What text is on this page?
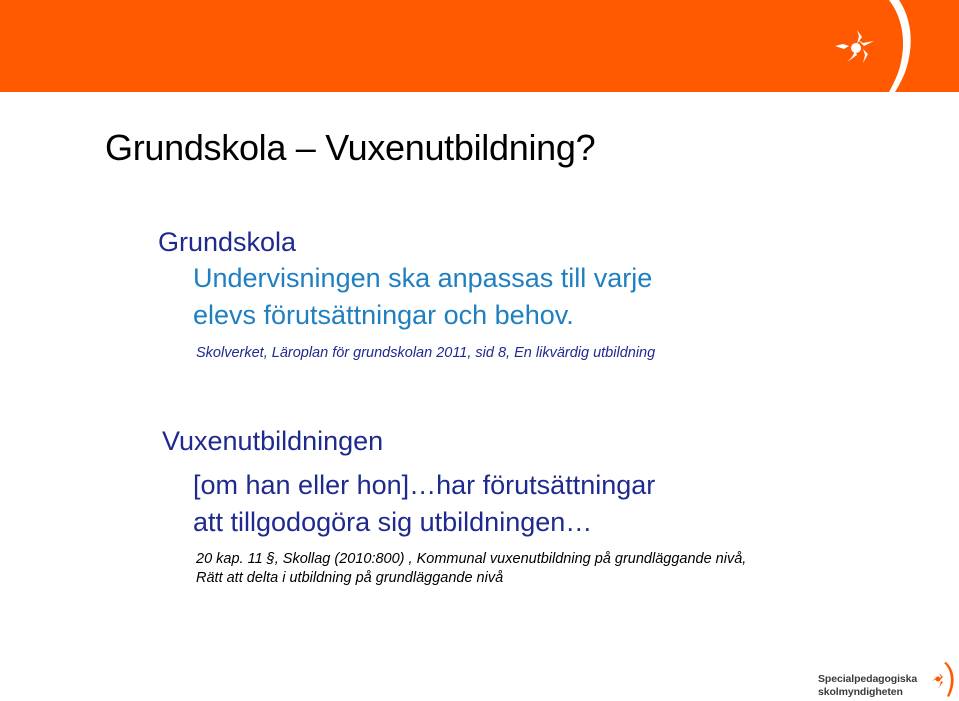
Grundskola – Vuxenutbildning?
Grundskola
Undervisningen ska anpassas till varje
elevs förutsättningar och behov.
Skolverket, Läroplan för grundskolan 2011, sid 8, En likvärdig utbildning
Vuxenutbildningen
[om han eller hon]…har förutsättningar
att tillgodogöra sig utbildningen…
20 kap. 11 §, Skollag (2010:800) , Kommunal vuxenutbildning på grundläggande nivå,
Rätt att delta i utbildning på grundläggande nivå
Specialpedagogiska
skolmyndigheten
